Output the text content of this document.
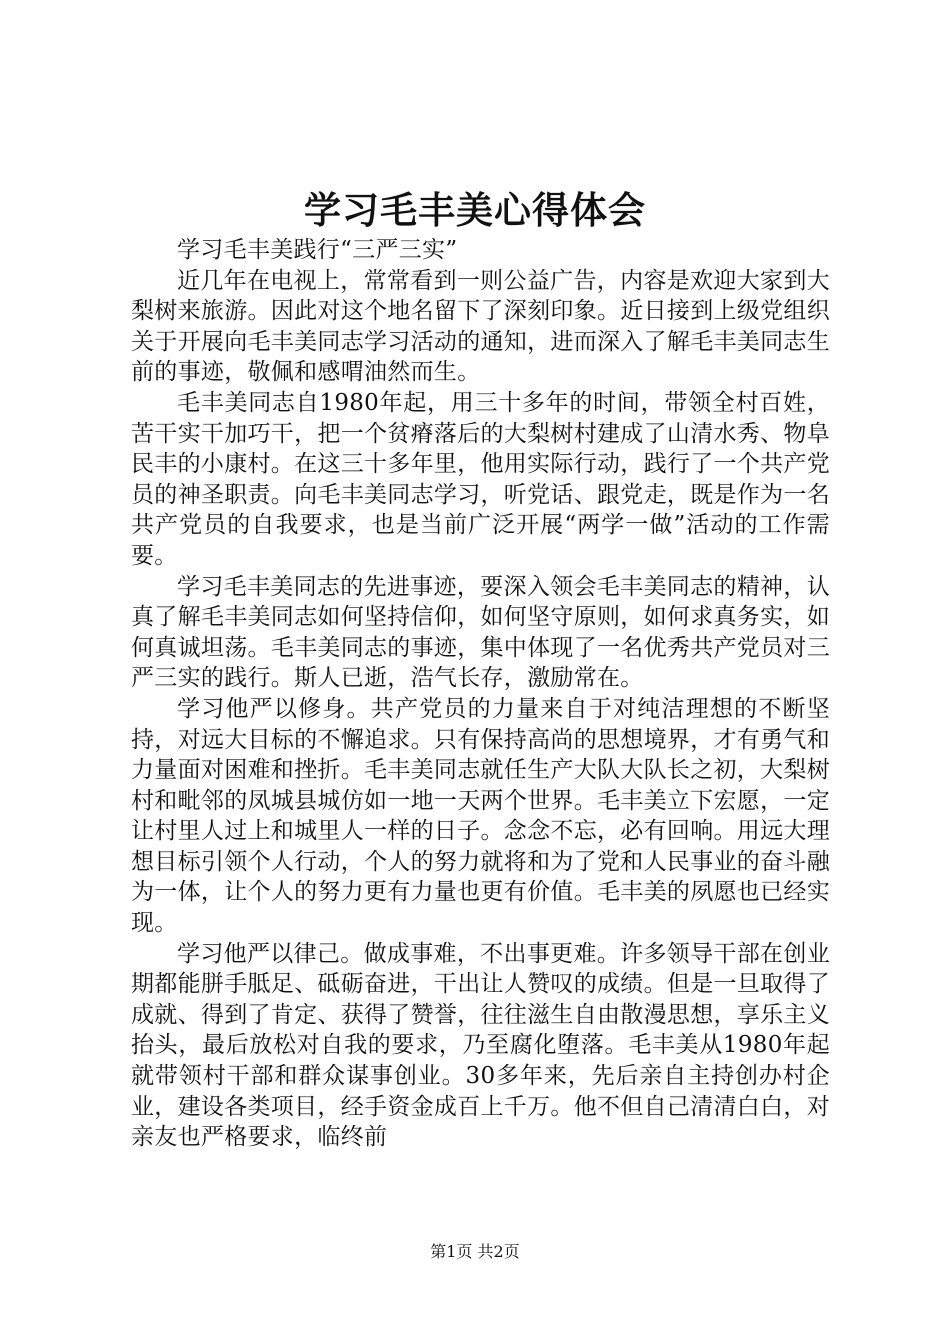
学习毛丰美心得体会

学习毛丰美践行“三严三实”

近几年在电视上，常常看到一则公益广告，内容是欢迎大家到大梨树来旅游。因此对这个地名留下了深刻印象。近日接到上级党组织关于开展向毛丰美同志学习活动的通知，进而深入了解毛丰美同志生前的事迹，敬佩和感喟油然而生。

毛丰美同志自1980年起，用三十多年的时间，带领全村百姓，苦干实干加巧干，把一个贫瘠落后的大梨树村建成了山清水秀、物阜民丰的小康村。在这三十多年里，他用实际行动，践行了一个共产党员的神圣职责。向毛丰美同志学习，听党话、跟党走，既是作为一名共产党员的自我要求，也是当前广泛开展“两学一做”活动的工作需要。

学习毛丰美同志的先进事迹，要深入领会毛丰美同志的精神，认真了解毛丰美同志如何坚持信仰，如何坚守原则，如何求真务实，如何真诚坦荡。毛丰美同志的事迹，集中体现了一名优秀共产党员对三严三实的践行。斯人已逝，浩气长存，激励常在。

学习他严以修身。共产党员的力量来自于对纯洁理想的不断坚持，对远大目标的不懈追求。只有保持高尚的思想境界，才有勇气和力量面对困难和挫折。毛丰美同志就任生产大队大队长之初，大梨树村和毗邻的凤城县城仿如一地一天两个世界。毛丰美立下宏愿，一定让村里人过上和城里人一样的日子。念念不忘，必有回响。用远大理想目标引领个人行动，个人的努力就将和为了党和人民事业的奋斗融为一体，让个人的努力更有力量也更有价值。毛丰美的夙愿也已经实现。

学习他严以律己。做成事难，不出事更难。许多领导干部在创业期都能胼手胝足、砥砺奋进，干出让人赞叹的成绩。但是一旦取得了成就、得到了肯定、获得了赞誉，往往滋生自由散漫思想，享乐主义抬头，最后放松对自我的要求，乃至腐化堕落。毛丰美从1980年起就带领村干部和群众谋事创业。30多年来，先后亲自主持创办村企业，建设各类项目，经手资金成百上千万。他不但自己清清白白，对亲友也严格要求，临终前

第1页 共2页
